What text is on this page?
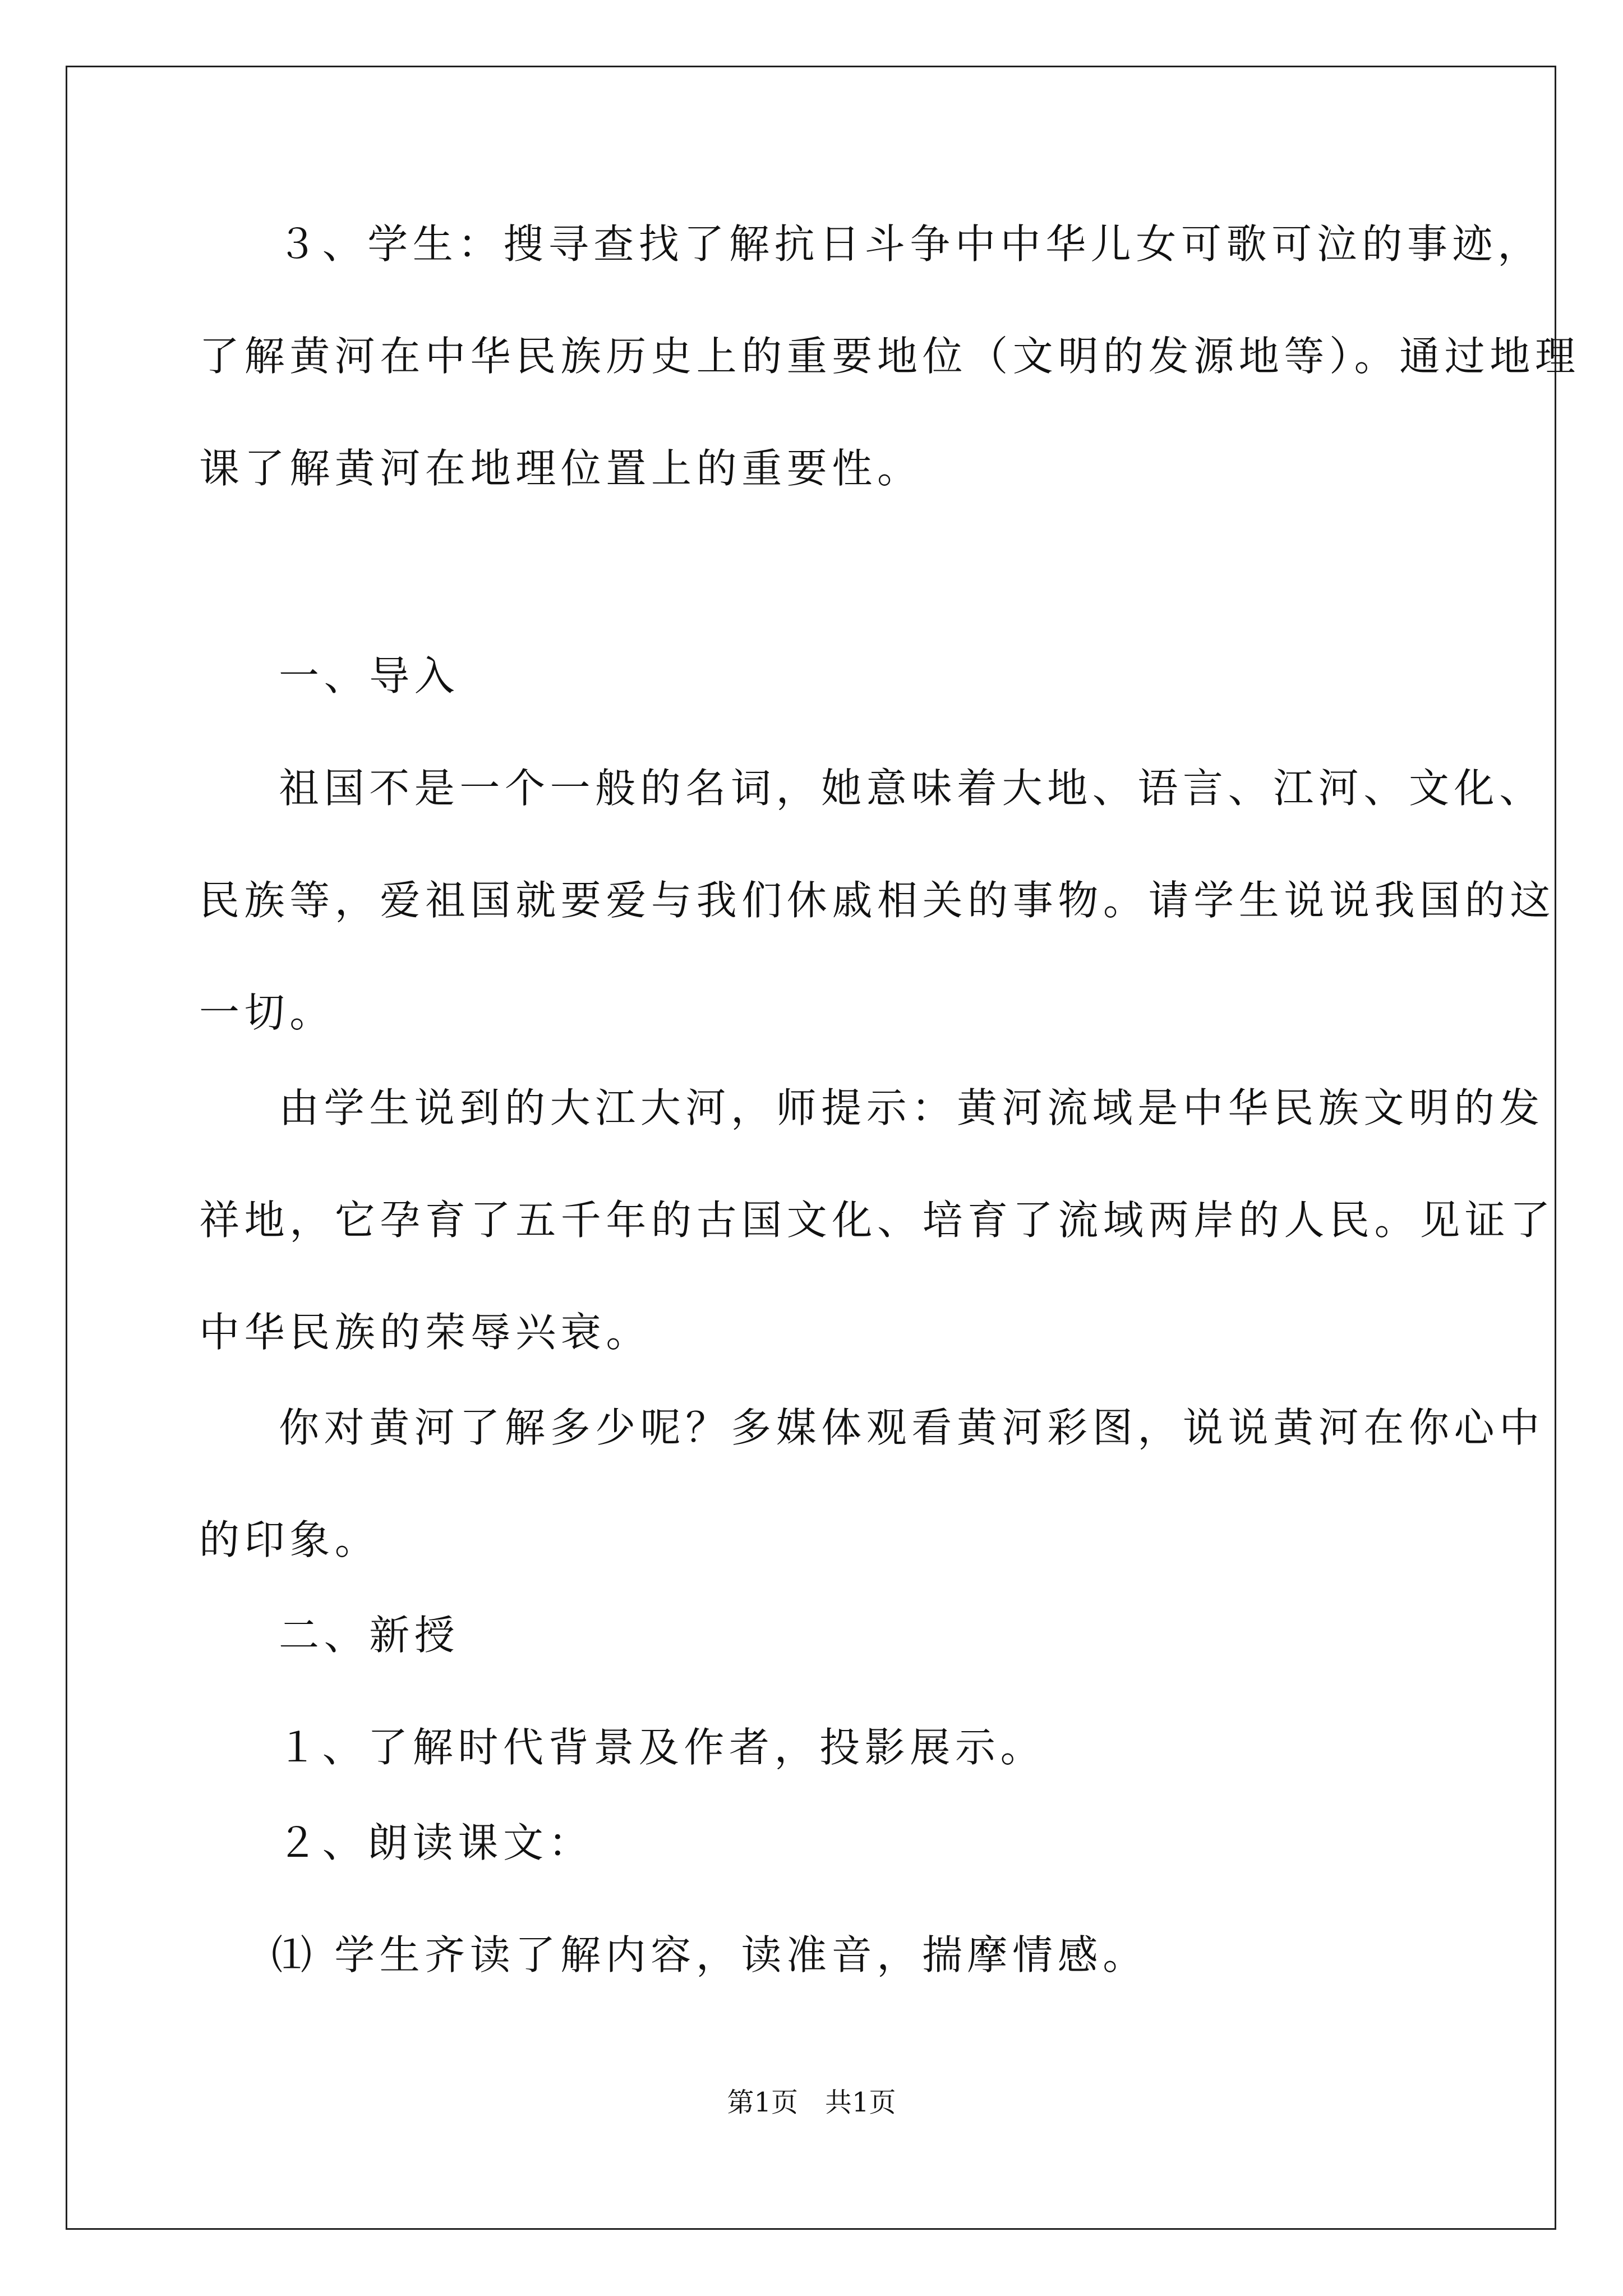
３、学生：搜寻查找了解抗日斗争中中华儿女可歌可泣的事迹，
了解黄河在中华民族历史上的重要地位（文明的发源地等）。通过地理
课了解黄河在地理位置上的重要性。
一、导入
祖国不是一个一般的名词，她意味着大地、语言、江河、文化、
民族等，爱祖国就要爱与我们休戚相关的事物。请学生说说我国的这
一切。
由学生说到的大江大河，师提示：黄河流域是中华民族文明的发
祥地，它孕育了五千年的古国文化、培育了流域两岸的人民。见证了
中华民族的荣辱兴衰。
你对黄河了解多少呢？多媒体观看黄河彩图，说说黄河在你心中
的印象。
二、新授
１、了解时代背景及作者，投影展示。
２、朗读课文：
⑴ 学生齐读了解内容，读准音，揣摩情感。
第1页　共1页
